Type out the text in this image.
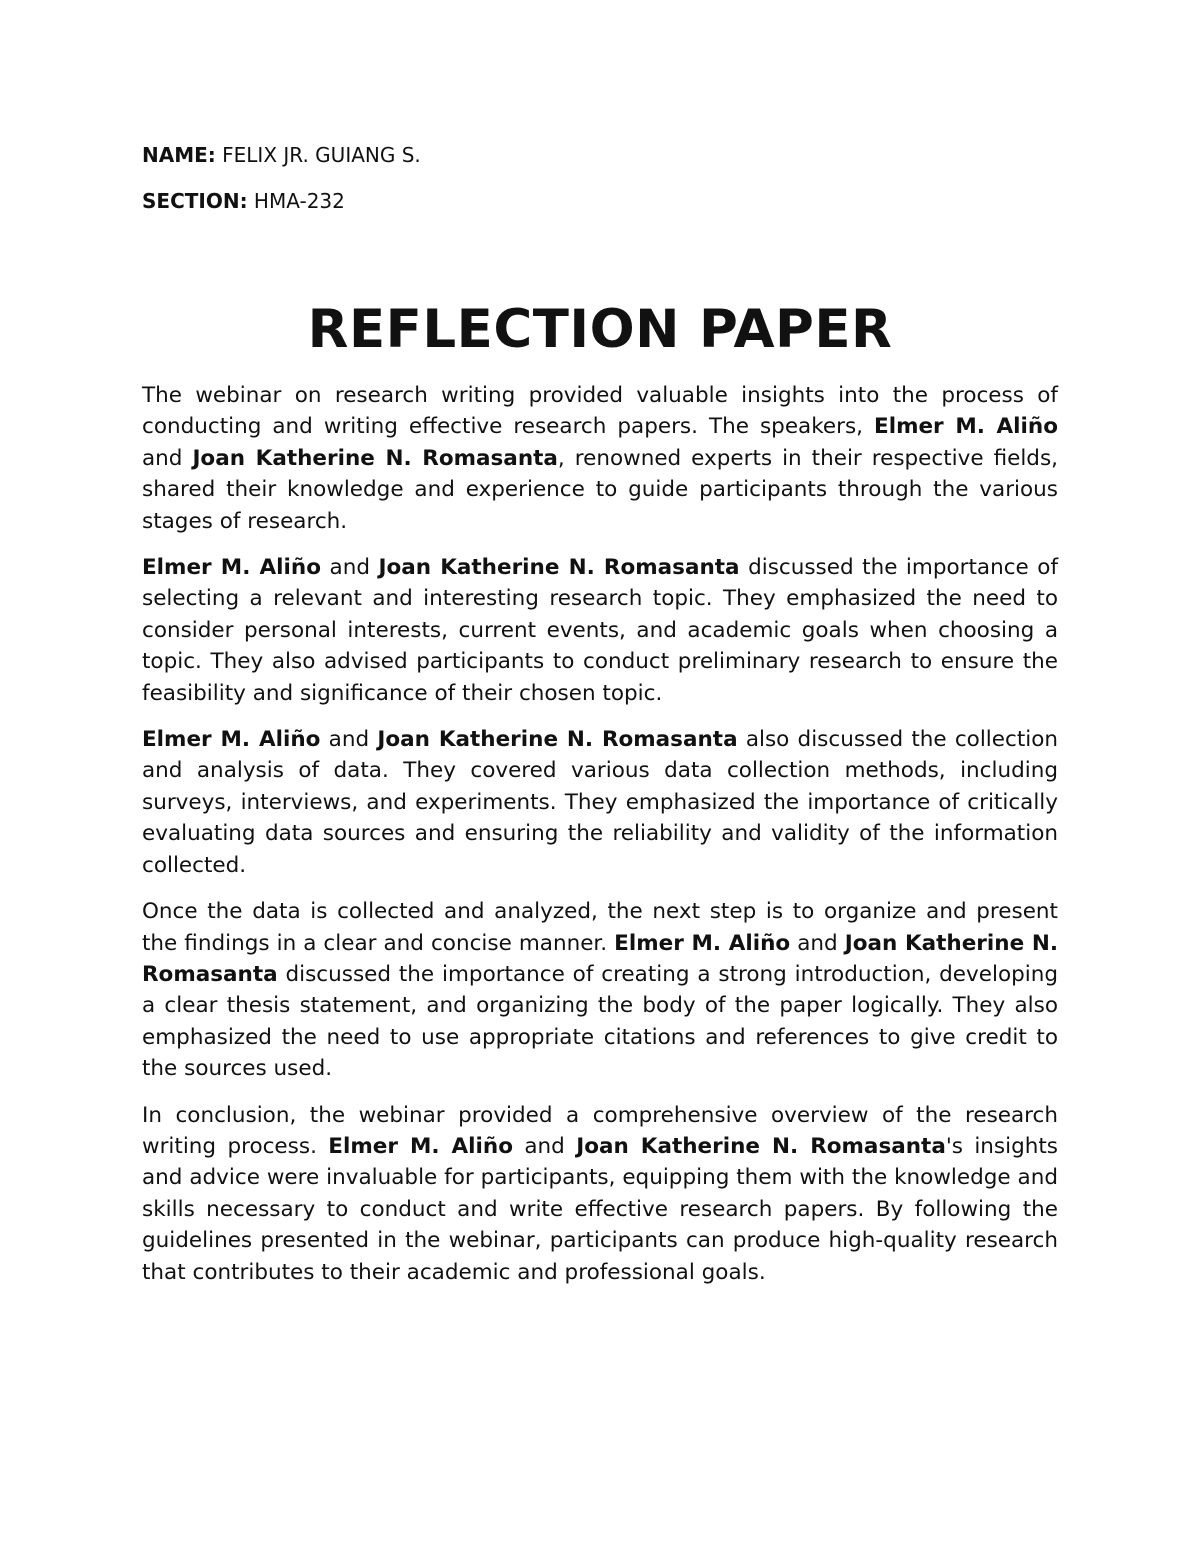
NAME: FELIX JR. GUIANG S.
SECTION: HMA-232
REFLECTION PAPER

The webinar on research writing provided valuable insights into the process of conducting and writing effective research papers. The speakers, Elmer M. Aliño and Joan Katherine N. Romasanta, renowned experts in their respective fields, shared their knowledge and experience to guide participants through the various stages of research.

Elmer M. Aliño and Joan Katherine N. Romasanta discussed the importance of selecting a relevant and interesting research topic. They emphasized the need to consider personal interests, current events, and academic goals when choosing a topic. They also advised participants to conduct preliminary research to ensure the feasibility and significance of their chosen topic.

Elmer M. Aliño and Joan Katherine N. Romasanta also discussed the collection and analysis of data. They covered various data collection methods, including surveys, interviews, and experiments. They emphasized the importance of critically evaluating data sources and ensuring the reliability and validity of the information collected.

Once the data is collected and analyzed, the next step is to organize and present the findings in a clear and concise manner. Elmer M. Aliño and Joan Katherine N. Romasanta discussed the importance of creating a strong introduction, developing a clear thesis statement, and organizing the body of the paper logically. They also emphasized the need to use appropriate citations and references to give credit to the sources used.

In conclusion, the webinar provided a comprehensive overview of the research writing process. Elmer M. Aliño and Joan Katherine N. Romasanta's insights and advice were invaluable for participants, equipping them with the knowledge and skills necessary to conduct and write effective research papers. By following the guidelines presented in the webinar, participants can produce high-quality research that contributes to their academic and professional goals.
